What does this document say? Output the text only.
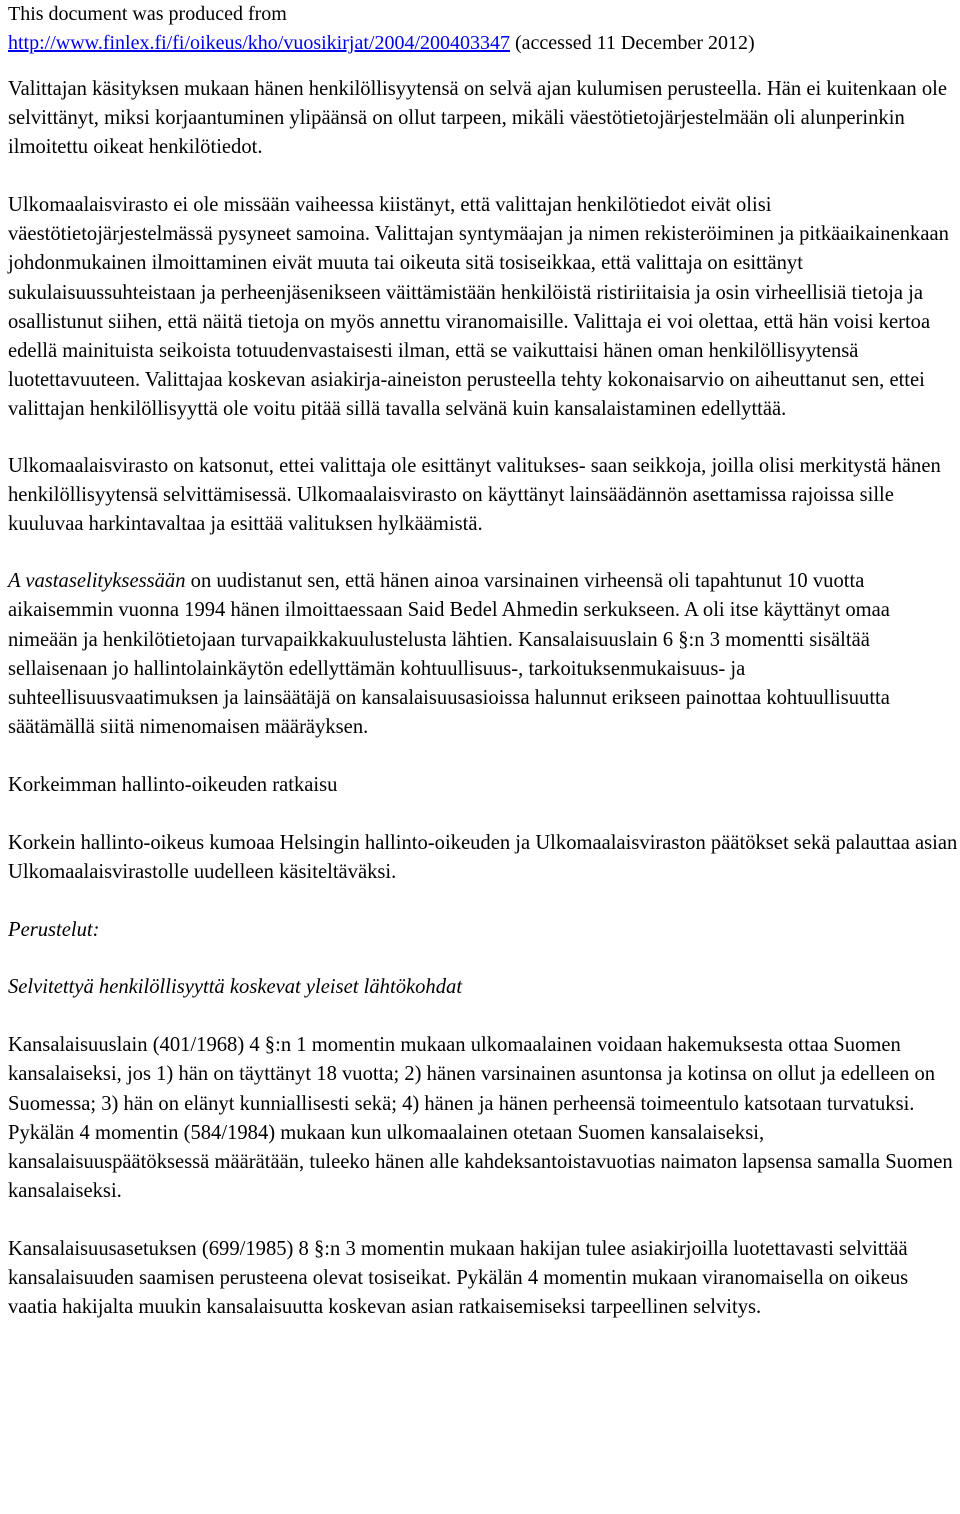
This document was produced from
http://www.finlex.fi/fi/oikeus/kho/vuosikirjat/2004/200403347 (accessed 11 December 2012)

Valittajan käsityksen mukaan hänen henkilöllisyytensä on selvä ajan kulumisen perusteella. Hän ei kuitenkaan ole selvittänyt, miksi korjaantuminen ylipäänsä on ollut tarpeen, mikäli väestötietojärjestelmään oli alunperinkin ilmoitettu oikeat henkilötiedot.

Ulkomaalaisvirasto ei ole missään vaiheessa kiistänyt, että valittajan henkilötiedot eivät olisi väestötietojärjestelmässä pysyneet samoina. Valittajan syntymäajan ja nimen rekisteröiminen ja pitkäaikainenkaan johdonmukainen ilmoittaminen eivät muuta tai oikeuta sitä tosiseikkaa, että valittaja on esittänyt sukulaisuussuhteistaan ja perheenjäsenikseen väittämistään henkilöistä ristiriitaisia ja osin virheellisiä tietoja ja osallistunut siihen, että näitä tietoja on myös annettu viranomaisille. Valittaja ei voi olettaa, että hän voisi kertoa edellä mainituista seikoista totuudenvastaisesti ilman, että se vaikuttaisi hänen oman henkilöllisyytensä luotettavuuteen. Valittajaa koskevan asiakirja-aineiston perusteella tehty kokonaisarvio on aiheuttanut sen, ettei valittajan henkilöllisyyttä ole voitu pitää sillä tavalla selvänä kuin kansalaistaminen edellyttää.

Ulkomaalaisvirasto on katsonut, ettei valittaja ole esittänyt valitukses- saan seikkoja, joilla olisi merkitystä hänen henkilöllisyytensä selvittämisessä. Ulkomaalaisvirasto on käyttänyt lainsäädännön asettamissa rajoissa sille kuuluvaa harkintavaltaa ja esittää valituksen hylkäämistä.

A vastaselityksessään on uudistanut sen, että hänen ainoa varsinainen virheensä oli tapahtunut 10 vuotta aikaisemmin vuonna 1994 hänen ilmoittaessaan Said Bedel Ahmedin serkukseen. A oli itse käyttänyt omaa nimeään ja henkilötietojaan turvapaikkakuulustelusta lähtien. Kansalaisuuslain 6 §:n 3 momentti sisältää sellaisenaan jo hallintolainkäytön edellyttämän kohtuullisuus-, tarkoituksenmukaisuus- ja suhteellisuusvaatimuksen ja lainsäätäjä on kansalaisuusasioissa halunnut erikseen painottaa kohtuullisuutta säätämällä siitä nimenomaisen määräyksen.

Korkeimman hallinto-oikeuden ratkaisu

Korkein hallinto-oikeus kumoaa Helsingin hallinto-oikeuden ja Ulkomaalaisviraston päätökset sekä palauttaa asian Ulkomaalaisvirastolle uudelleen käsiteltäväksi.

Perustelut:

Selvitettyä henkilöllisyyttä koskevat yleiset lähtökohdat

Kansalaisuuslain (401/1968) 4 §:n 1 momentin mukaan ulkomaalainen voidaan hakemuksesta ottaa Suomen kansalaiseksi, jos 1) hän on täyttänyt 18 vuotta; 2) hänen varsinainen asuntonsa ja kotinsa on ollut ja edelleen on Suomessa; 3) hän on elänyt kunniallisesti sekä; 4) hänen ja hänen perheensä toimeentulo katsotaan turvatuksi. Pykälän 4 momentin (584/1984) mukaan kun ulkomaalainen otetaan Suomen kansalaiseksi, kansalaisuuspäätöksessä määrätään, tuleeko hänen alle kahdeksantoistavuotias naimaton lapsensa samalla Suomen kansalaiseksi.

Kansalaisuusasetuksen (699/1985) 8 §:n 3 momentin mukaan hakijan tulee asiakirjoilla luotettavasti selvittää kansalaisuuden saamisen perusteena olevat tosiseikat. Pykälän 4 momentin mukaan viranomaisella on oikeus vaatia hakijalta muukin kansalaisuutta koskevan asian ratkaisemiseksi tarpeellinen selvitys.
